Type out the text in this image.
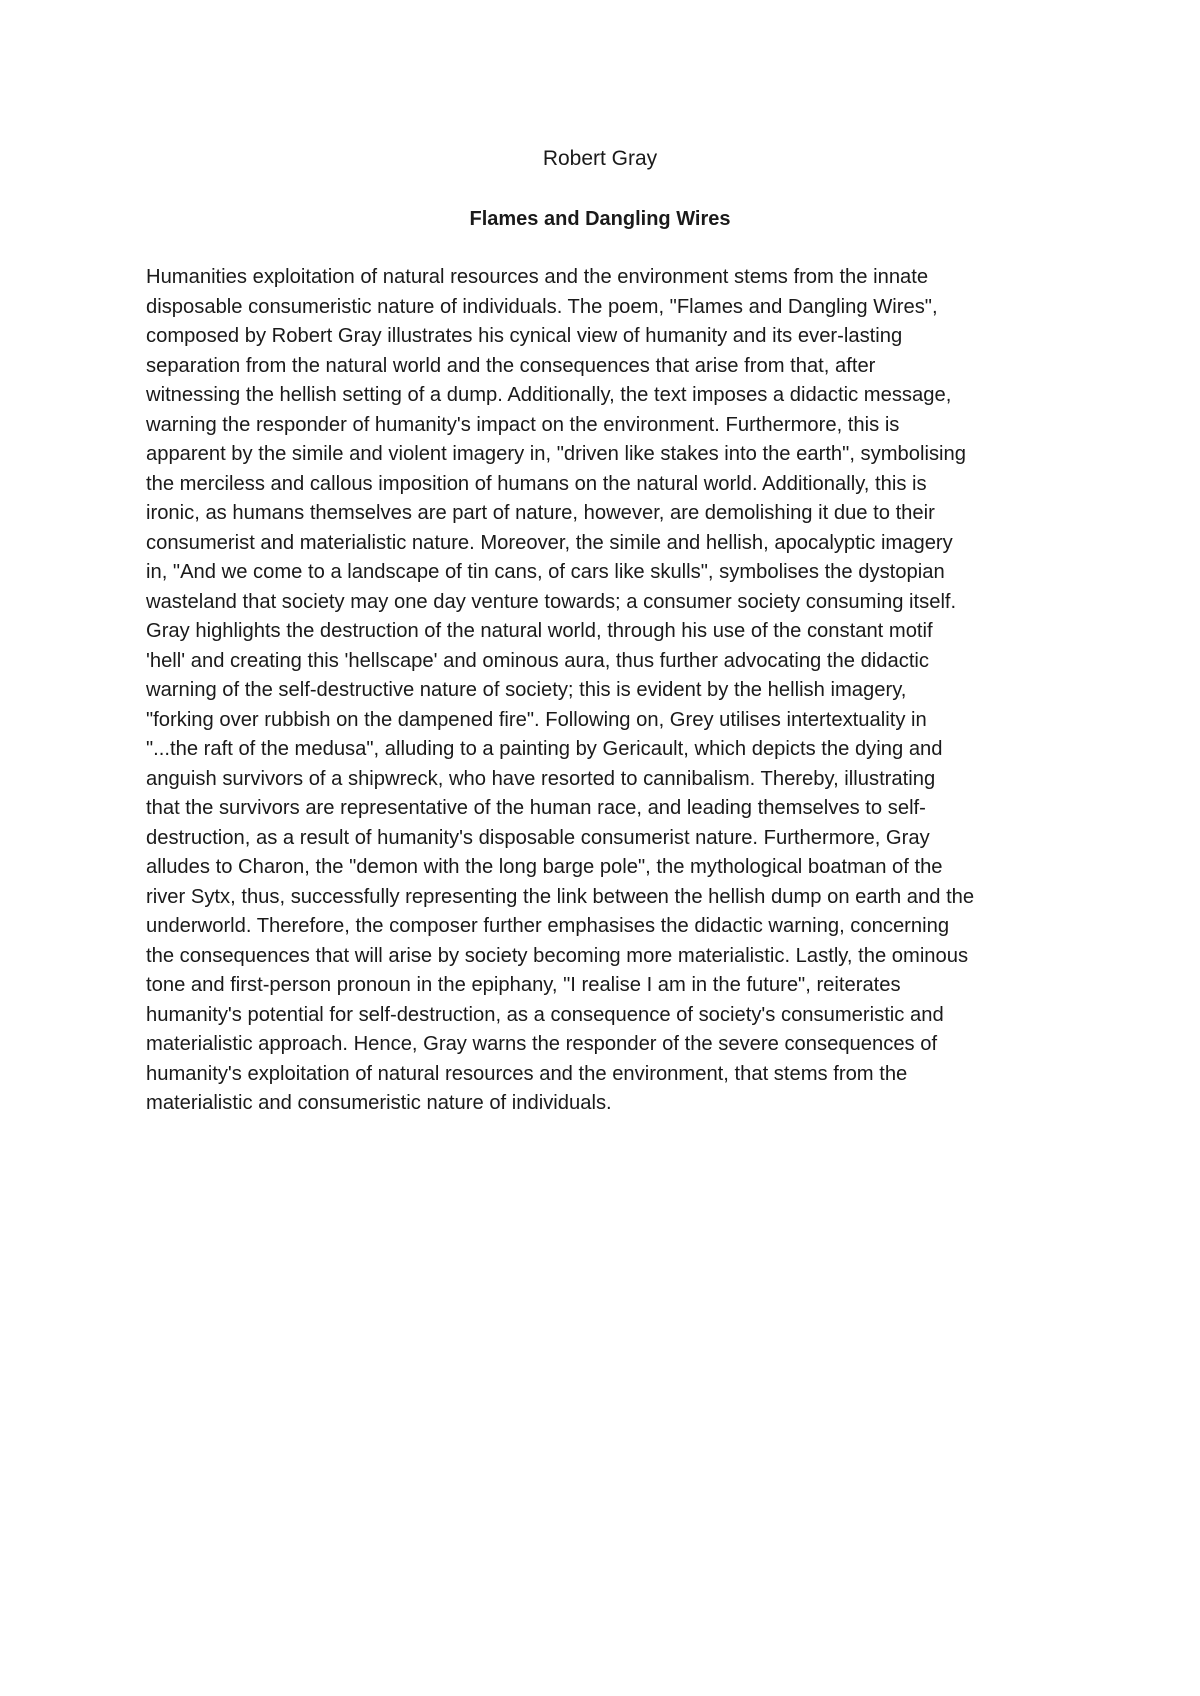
Robert Gray

Flames and Dangling Wires

Humanities exploitation of natural resources and the environment stems from the innate
disposable consumeristic nature of individuals. The poem, "Flames and Dangling Wires",
composed by Robert Gray illustrates his cynical view of humanity and its ever-lasting
separation from the natural world and the consequences that arise from that, after
witnessing the hellish setting of a dump. Additionally, the text imposes a didactic message,
warning the responder of humanity's impact on the environment. Furthermore, this is
apparent by the simile and violent imagery in, "driven like stakes into the earth", symbolising
the merciless and callous imposition of humans on the natural world. Additionally, this is
ironic, as humans themselves are part of nature, however, are demolishing it due to their
consumerist and materialistic nature. Moreover, the simile and hellish, apocalyptic imagery
in, "And we come to a landscape of tin cans, of cars like skulls", symbolises the dystopian
wasteland that society may one day venture towards; a consumer society consuming itself.
Gray highlights the destruction of the natural world, through his use of the constant motif
'hell' and creating this 'hellscape' and ominous aura, thus further advocating the didactic
warning of the self-destructive nature of society; this is evident by the hellish imagery,
"forking over rubbish on the dampened fire". Following on, Grey utilises intertextuality in
"...the raft of the medusa", alluding to a painting by Gericault, which depicts the dying and
anguish survivors of a shipwreck, who have resorted to cannibalism. Thereby, illustrating
that the survivors are representative of the human race, and leading themselves to self-
destruction, as a result of humanity's disposable consumerist nature. Furthermore, Gray
alludes to Charon, the "demon with the long barge pole", the mythological boatman of the
river Sytx, thus, successfully representing the link between the hellish dump on earth and the
underworld. Therefore, the composer further emphasises the didactic warning, concerning
the consequences that will arise by society becoming more materialistic. Lastly, the ominous
tone and first-person pronoun in the epiphany, "I realise I am in the future", reiterates
humanity's potential for self-destruction, as a consequence of society's consumeristic and
materialistic approach. Hence, Gray warns the responder of the severe consequences of
humanity's exploitation of natural resources and the environment, that stems from the
materialistic and consumeristic nature of individuals.
